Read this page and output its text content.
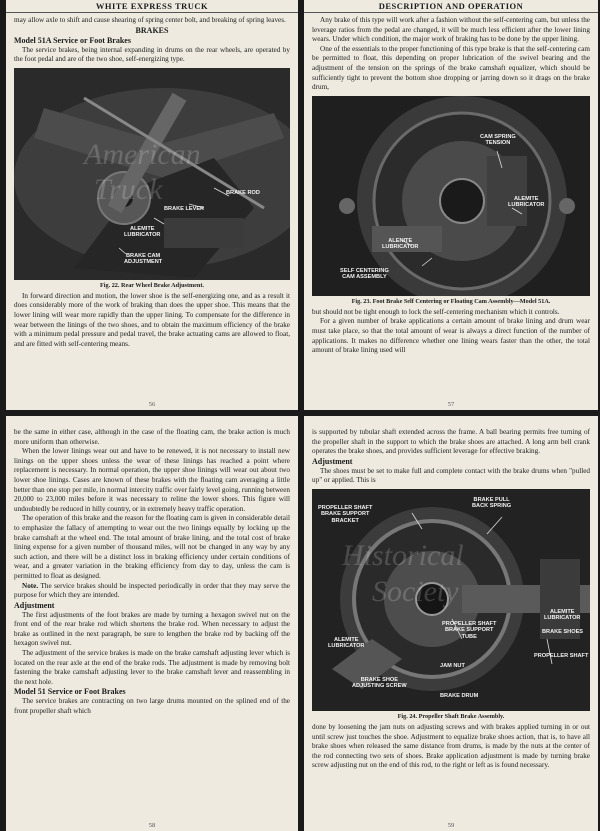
WHITE EXPRESS TRUCK

may allow axle to shift and cause shearing of spring center bolt, and breaking of spring leaves.

BRAKES
Model 51A Service or Foot Brakes

The service brakes, being internal expanding in drums on the rear wheels, are operated by the foot pedal and are of the two shoe, self-energizing type.

BRAKE ROD
BRAKE LEVER
ALEMITE
LUBRICATOR
BRAKE CAM
ADJUSTMENT
Fig. 22. Rear Wheel Brake Adjustment.

In forward direction and motion, the lower shoe is the self-energizing one, and as a result it does considerably more of the work of braking than does the upper shoe. This means that the lower lining will wear more rapidly than the upper lining. To compensate for the difference in wear between the linings of the two shoes, and to obtain the maximum efficiency of the brake with a minimum pedal pressure and pedal travel, the brake actuating cams are allowed to float, and are fitted with self-centering means.

56
DESCRIPTION AND OPERATION

Any brake of this type will work after a fashion without the self-centering cam, but unless the leverage ratios from the pedal are changed, it will be much less efficient after the lower lining wears. Under which condition, the major work of braking has to be done by the upper lining.

One of the essentials to the proper functioning of this type brake is that the self-centering cam be permitted to float, this depending on proper lubrication of the swivel bearing and the adjustment of the tension on the springs of the brake camshaft equalizer, which should be sufficiently tight to prevent the bottom shoe dropping or jarring down so it drags on the brake drum,

CAM SPRING
TENSION
ALEMITE
LUBRICATOR
ALENITE
LUBRICATOR
SELF CENTERING
CAM ASSEMBLY
Fig. 23. Foot Brake Self Centering or Floating Cam Assembly—Model 51A.

but should not be tight enough to lock the self-centering mechanism which it controls.

For a given number of brake applications a certain amount of brake lining and drum wear must take place, so that the total amount of wear is always a direct function of the number of applications. It makes no difference whether one lining wears faster than the other, the total amount of brake lining used will

57

be the same in either case, although in the case of the floating cam, the brake action is much more uniform than otherwise.

When the lower linings wear out and have to be renewed, it is not necessary to install new linings on the upper shoes unless the wear of these linings has reached a point where replacement is necessary. In normal operation, the upper shoe linings will wear out about two lower shoe linings. Cases are known of these brakes with the floating cam averaging a little better than one stop per mile, in normal intercity traffic over fairly level going, running between 20,000 to 23,000 miles before it was necessary to reline the lower shoes. This figure will undoubtedly be reduced in hilly country, or in extremely heavy traffic operation.

The operation of this brake and the reason for the floating cam is given in considerable detail to emphasize the fallacy of attempting to wear out the two linings equally by locking up the brake camshaft at the wheel end. The total amount of brake lining, and the total cost of brake lining expense for a given number of thousand miles, will not be changed in any way by any such action, and there will be a distinct loss in braking efficiency under certain conditions of wear, and a greater variation in the braking efficiency from day to day, unless the cam is permitted to float as designed.

Note. The service brakes should be inspected periodically in order that they may serve the purpose for which they are intended.

Adjustment

The first adjustments of the foot brakes are made by turning a hexagon swivel nut on the front end of the rear brake rod which shortens the brake rod. When necessary to adjust the brake as outlined in the next paragraph, be sure to lengthen the brake rod by backing off the hexagon swivel nut.

The adjustment of the service brakes is made on the brake camshaft adjusting lever which is located on the rear axle at the end of the brake rods. The adjustment is made by removing bolt fastening the brake camshaft adjusting lever to the brake camshaft lever and reassembling in the next hole.

Model 51 Service or Foot Brakes

The service brakes are contracting on two large drums mounted on the splined end of the front propeller shaft which

58

is supported by tubular shaft extended across the frame. A ball bearing permits free turning of the propeller shaft in the support to which the brake shoes are attached. A long arm bell crank operates the brake shoes, and provides sufficient leverage for effective braking.

Adjustment

The shoes must be set to make full and complete contact with the brake drums when "pulled up" or applied. This is

BRAKE PULL
BACK SPRING
PROPELLER SHAFT
BRAKE SUPPORT
BRACKET
ALEMITE
LUBRICATOR
BRAKE SHOES
PROPELLER SHAFT
BRAKE SUPPORT
TUBE
ALEMITE
LUBRICATOR
PROPELLER SHAFT
JAM NUT
BRAKE SHOE
ADJUSTING SCREW
BRAKE DRUM
Fig. 24. Propeller Shaft Brake Assembly.

done by loosening the jam nuts on adjusting screws and with brakes applied turning in or out until screw just touches the shoe. Adjustment to equalize brake shoes action, that is, to have all brake shoes when released the same distance from drums, is made by the nuts at the center of the rod connecting two sets of shoes. Brake application adjustment is made by turning brake screw adjusting nut on the end of this rod, to the right or left as is found necessary.

59
